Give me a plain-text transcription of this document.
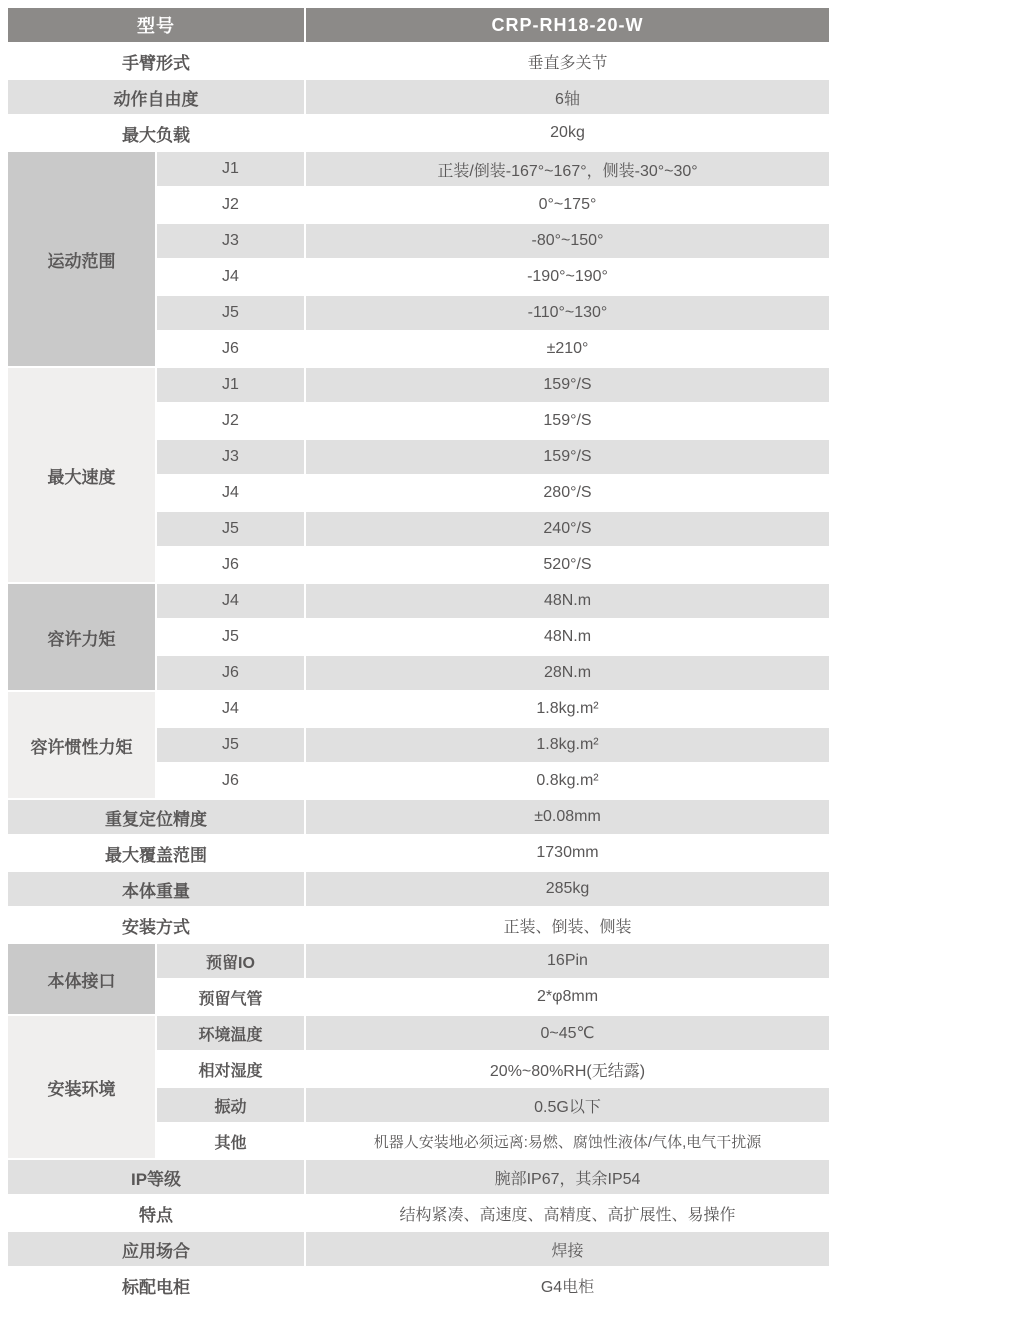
型号		CRP-RH18-20-W
手臂形式		垂直多关节
动作自由度		6轴
最大负载		20kg
运动范围	J1	正装/倒装-167°~167°，侧装-30°~30°
	J2	0°~175°
	J3	-80°~150°
	J4	-190°~190°
	J5	-110°~130°
	J6	±210°
最大速度	J1	159°/S
	J2	159°/S
	J3	159°/S
	J4	280°/S
	J5	240°/S
	J6	520°/S
容许力矩	J4	48N.m
	J5	48N.m
	J6	28N.m
容许惯性力矩	J4	1.8kg.m²
	J5	1.8kg.m²
	J6	0.8kg.m²
重复定位精度		±0.08mm
最大覆盖范围		1730mm
本体重量		285kg
安装方式		正装、倒装、侧装
本体接口	预留IO	16Pin
	预留气管	2*φ8mm
安装环境	环境温度	0~45℃
	相对湿度	20%~80%RH(无结露)
	振动	0.5G以下
	其他	机器人安装地必须远离:易燃、腐蚀性液体/气体,电气干扰源
IP等级		腕部IP67，其余IP54
特点		结构紧凑、高速度、高精度、高扩展性、易操作
应用场合		焊接
标配电柜		G4电柜
